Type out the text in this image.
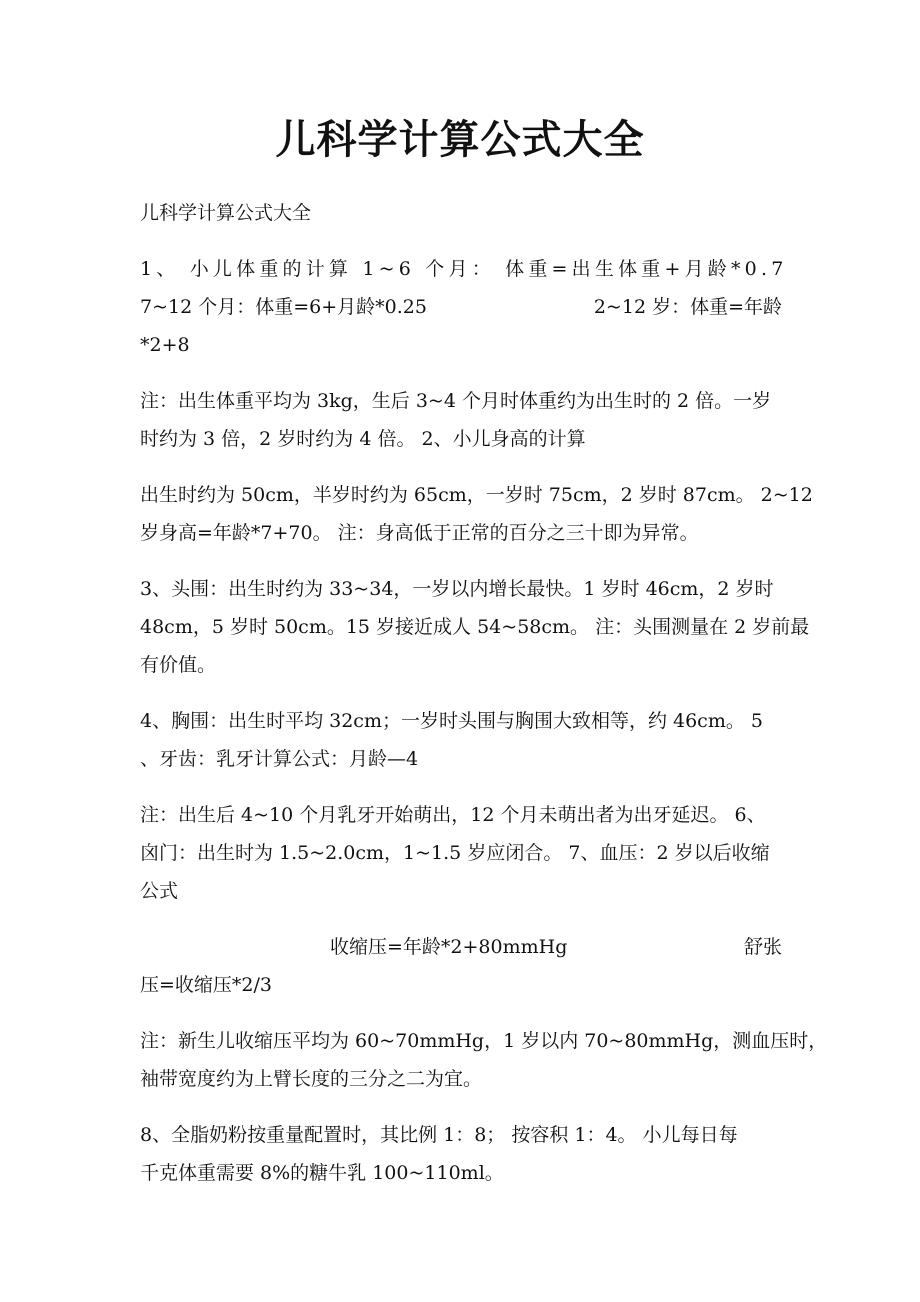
儿科学计算公式大全
儿科学计算公式大全
1、 小儿体重的计算 1~6 个月： 体重=出生体重+月龄*0.7
7~12 个月：体重=6+月龄*0.25	2~12 岁：体重=年龄
*2+8
注：出生体重平均为 3kg，生后 3~4 个月时体重约为出生时的 2 倍。一岁
时约为 3 倍，2 岁时约为 4 倍。 2、小儿身高的计算
出生时约为 50cm，半岁时约为 65cm，一岁时 75cm，2 岁时 87cm。 2~12
岁身高=年龄*7+70。 注：身高低于正常的百分之三十即为异常。
3、头围：出生时约为 33~34，一岁以内增长最快。1 岁时 46cm，2 岁时
48cm，5 岁时 50cm。15 岁接近成人 54~58cm。 注：头围测量在 2 岁前最
有价值。
4、胸围：出生时平均 32cm；一岁时头围与胸围大致相等，约 46cm。 5
、牙齿：乳牙计算公式：月龄—4
注：出生后 4~10 个月乳牙开始萌出，12 个月未萌出者为出牙延迟。 6、
囟门：出生时为 1.5~2.0cm，1~1.5 岁应闭合。 7、血压：2 岁以后收缩
公式
收缩压=年龄*2+80mmHg	舒张
压=收缩压*2/3
注：新生儿收缩压平均为 60~70mmHg，1 岁以内 70~80mmHg，测血压时，
袖带宽度约为上臂长度的三分之二为宜。
8、全脂奶粉按重量配置时，其比例 1：8； 按容积 1：4。 小儿每日每
千克体重需要 8%的糖牛乳 100~110ml。
